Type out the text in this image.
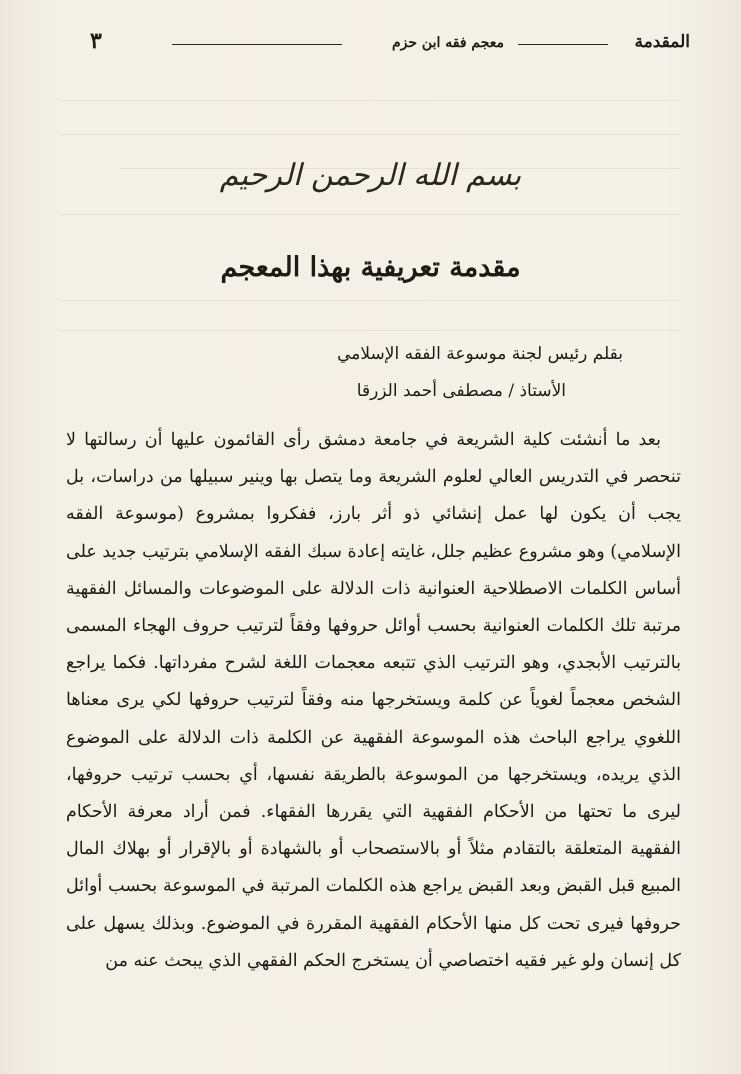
المقدمة
معجم فقه ابن حزم
٣
بسم الله الرحمن الرحيم
مقدمة تعريفية بهذا المعجم
بقلم رئيس لجنة موسوعة الفقه الإسلامي
الأستاذ / مصطفى أحمد الزرقا

بعد ما أنشئت كلية الشريعة في جامعة دمشق رأى القائمون عليها أن رسالتها لا تنحصر في التدريس العالي لعلوم الشريعة وما يتصل بها وينير سبيلها من دراسات، بل يجب أن يكون لها عمل إنشائي ذو أثر بارز، ففكروا بمشروع (موسوعة الفقه الإسلامي) وهو مشروع عظيم جلل، غايته إعادة سبك الفقه الإسلامي بترتيب جديد على أساس الكلمات الاصطلاحية العنوانية ذات الدلالة على الموضوعات والمسائل الفقهية مرتبة تلك الكلمات العنوانية بحسب أوائل حروفها وفقاً لترتيب حروف الهجاء المسمى بالترتيب الأبجدي، وهو الترتيب الذي تتبعه معجمات اللغة لشرح مفرداتها. فكما يراجع الشخص معجماً لغوياً عن كلمة ويستخرجها منه وفقاً لترتيب حروفها لكي يرى معناها اللغوي يراجع الباحث هذه الموسوعة الفقهية عن الكلمة ذات الدلالة على الموضوع الذي يريده، ويستخرجها من الموسوعة بالطريقة نفسها، أي بحسب ترتيب حروفها، ليرى ما تحتها من الأحكام الفقهية التي يقررها الفقهاء. فمن أراد معرفة الأحكام الفقهية المتعلقة بالتقادم مثلاً أو بالاستصحاب أو بالشهادة أو بالإقرار أو بهلاك المال المبيع قبل القبض وبعد القبض يراجع هذه الكلمات المرتبة في الموسوعة بحسب أوائل حروفها فيرى تحت كل منها الأحكام الفقهية المقررة في الموضوع. وبذلك يسهل على كل إنسان ولو غير فقيه اختصاصي أن يستخرج الحكم الفقهي الذي يبحث عنه من
